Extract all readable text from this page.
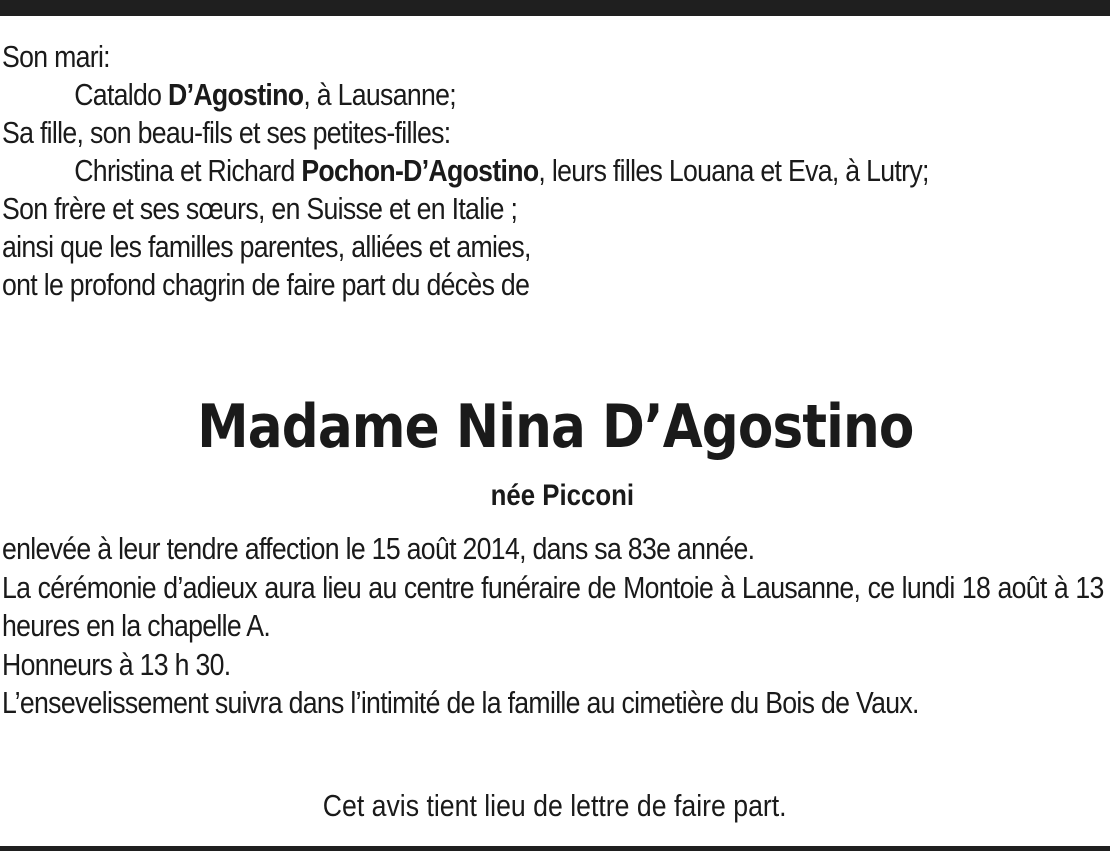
Son mari:
Cataldo D’Agostino, à Lausanne;
Sa fille, son beau-fils et ses petites-filles:
Christina et Richard Pochon-D’Agostino, leurs filles Louana et Eva, à Lutry;
Son frère et ses sœurs, en Suisse et en Italie ;
ainsi que les familles parentes, alliées et amies,
ont le profond chagrin de faire part du décès de
Madame Nina D’Agostino
née Picconi
enlevée à leur tendre affection le 15 août 2014, dans sa 83e année.
La cérémonie d’adieux aura lieu au centre funéraire de Montoie à Lausanne, ce lundi 18 août à 13 heures en la chapelle A.
Honneurs à 13 h 30.
L’ensevelissement suivra dans l’intimité de la famille au cimetière du Bois de Vaux.
Cet avis tient lieu de lettre de faire part.
